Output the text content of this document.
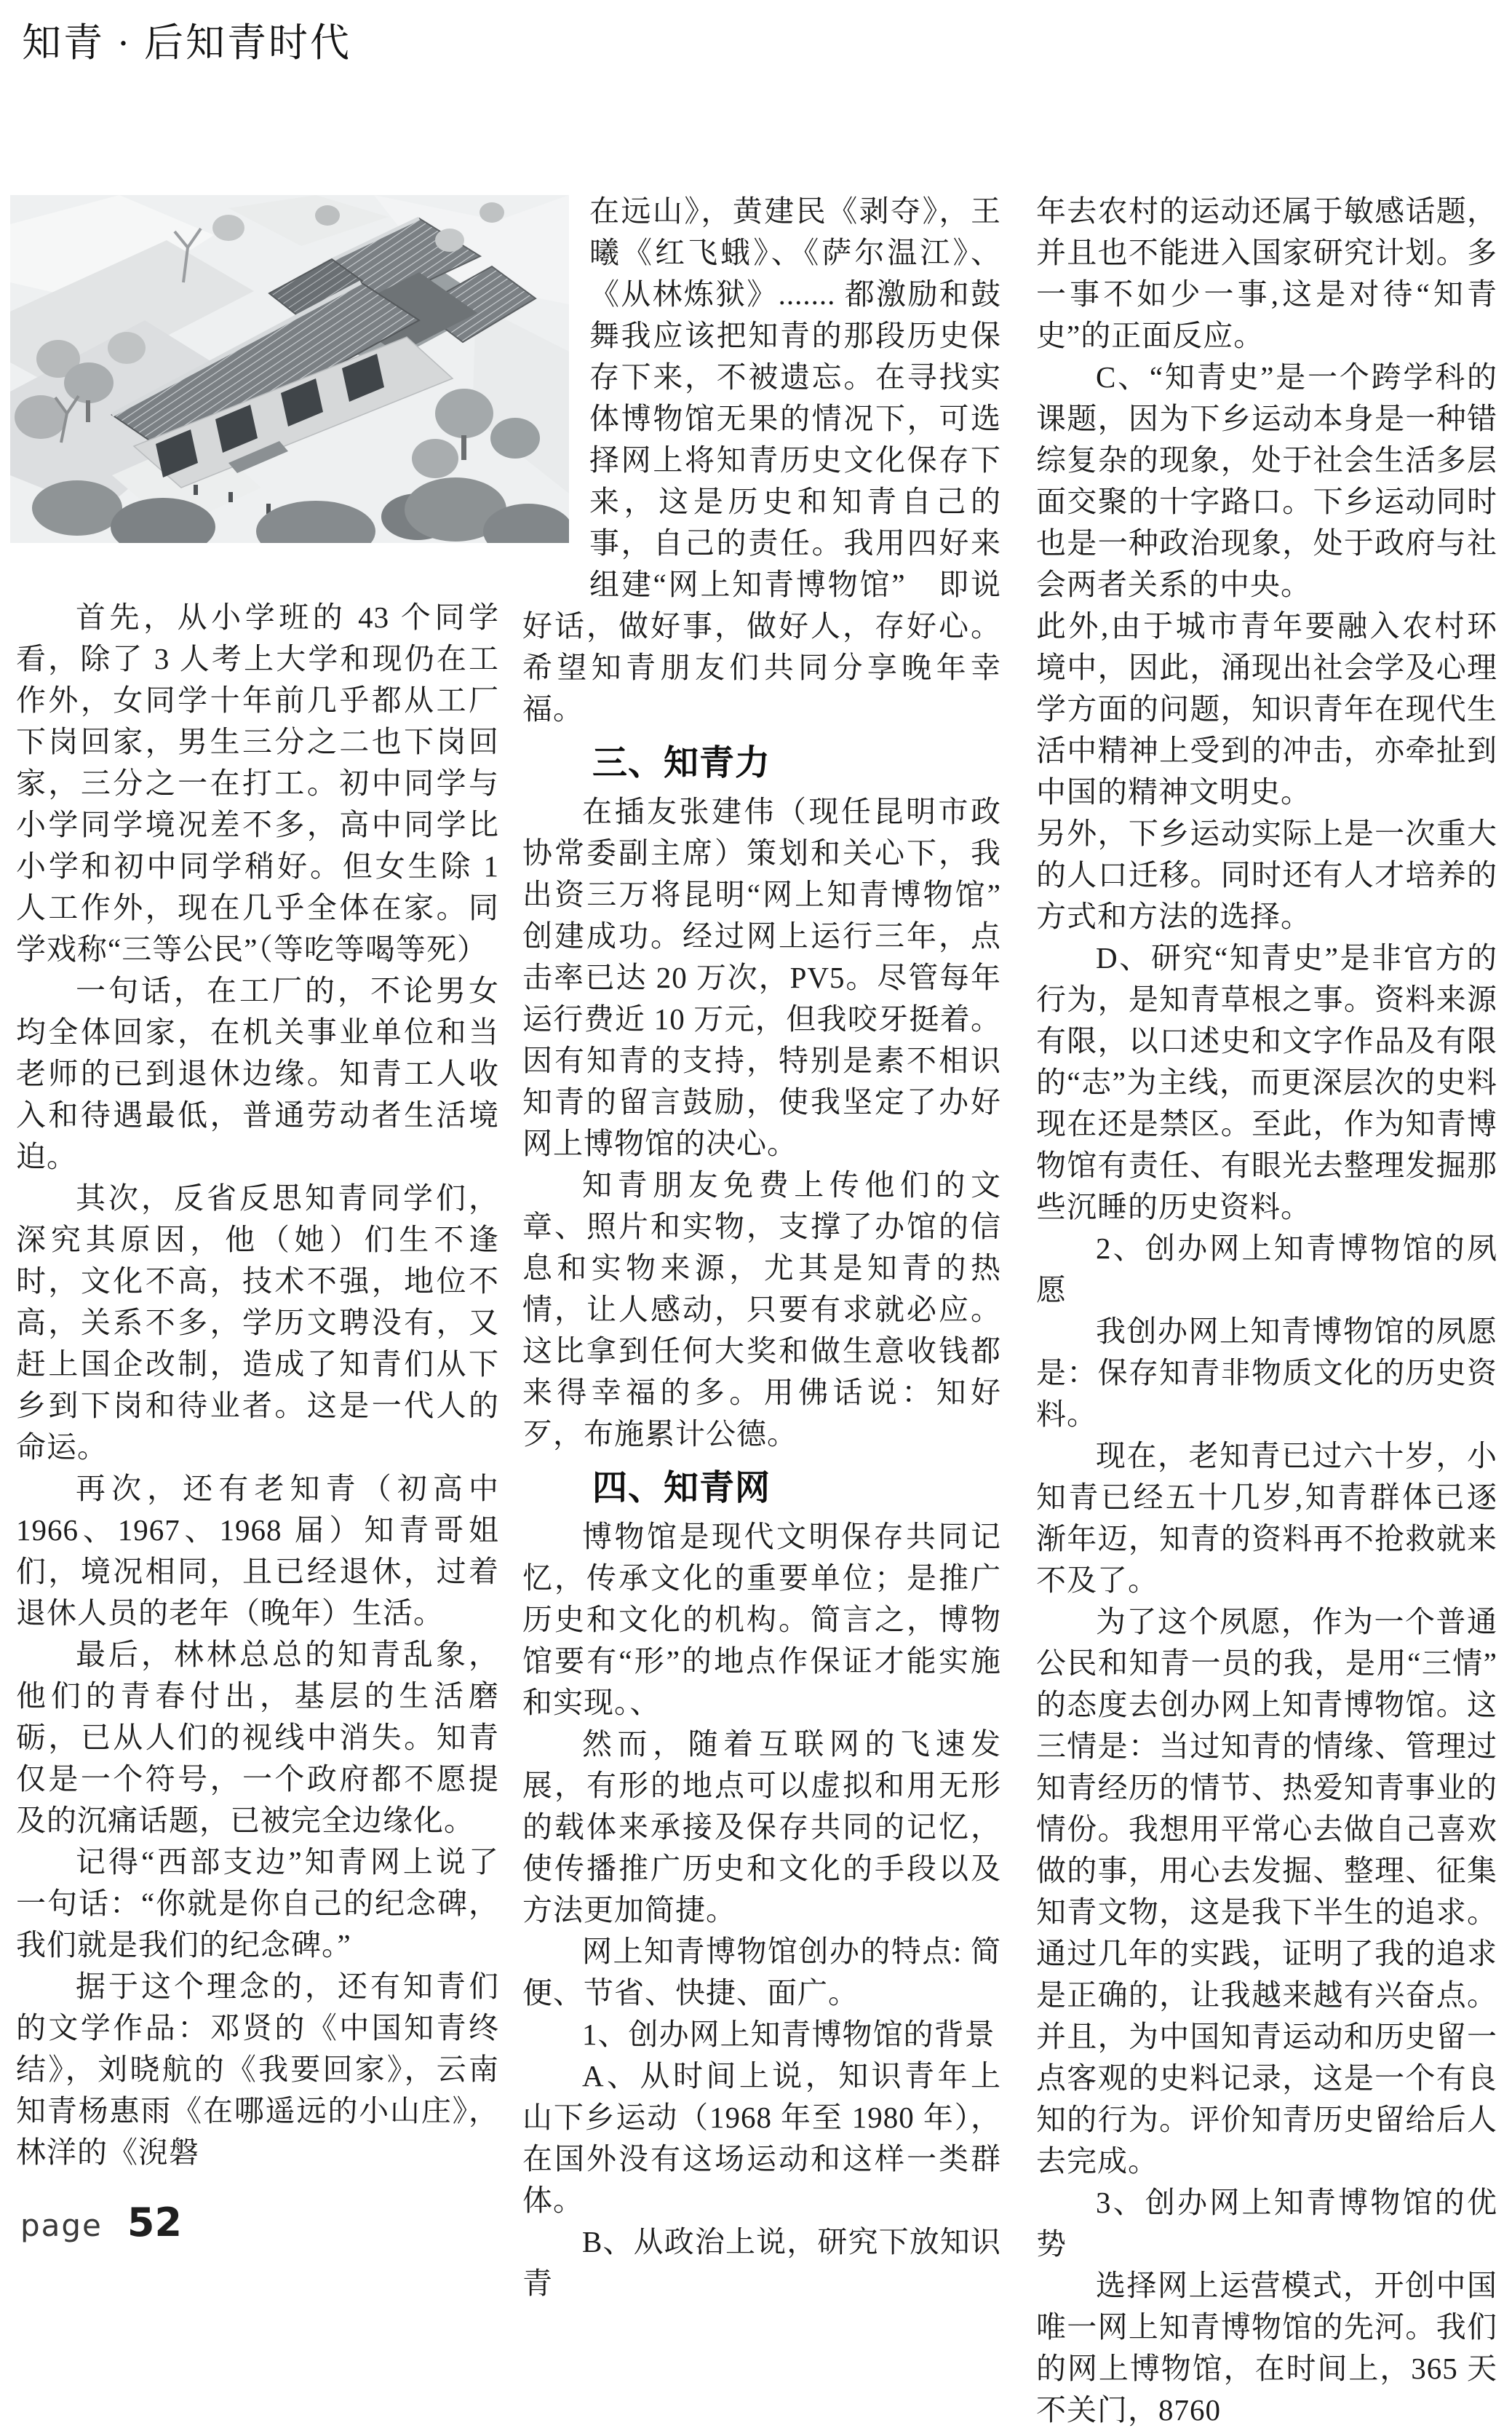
知青 · 后知青时代

首先，从小学班的 43 个同学看，除了 3 人考上大学和现仍在工作外，女同学十年前几乎都从工厂下岗回家，男生三分之二也下岗回家，三分之一在打工。初中同学与小学同学境况差不多，高中同学比小学和初中同学稍好。但女生除 1 人工作外，现在几乎全体在家。同学戏称“三等公民”（等吃等喝等死）

一句话，在工厂的，不论男女均全体回家，在机关事业单位和当老师的已到退休边缘。知青工人收入和待遇最低，普通劳动者生活境迫。

其次，反省反思知青同学们，深究其原因，他（她）们生不逢时，文化不高，技术不强，地位不高，关系不多，学历文聘没有，又赶上国企改制，造成了知青们从下乡到下岗和待业者。这是一代人的命运。

再次，还有老知青（初高中 1966、1967、1968 届）知青哥姐们，境况相同，且已经退休，过着退休人员的老年（晚年）生活。

最后，林林总总的知青乱象，他们的青春付出，基层的生活磨砺，已从人们的视线中消失。知青仅是一个符号，一个政府都不愿提及的沉痛话题，已被完全边缘化。

记得“西部支边”知青网上说了一句话：“你就是你自己的纪念碑，我们就是我们的纪念碑。”

据于这个理念的，还有知青们的文学作品：邓贤的《中国知青终结》，刘晓航的《我要回家》，云南知青杨惠雨《在哪遥远的小山庄》，林洋的《淣磐

在远山》，黄建民《剥夺》，王曦《红飞蛾》、《萨尔温江》、《从林炼狱》....... 都激励和鼓舞我应该把知青的那段历史保存下来，不被遗忘。在寻找实体博物馆无果的情况下，可选择网上将知青历史文化保存下来，这是历史和知青自己的事，自己的责任。我用四好来组建“网上知青博物馆”　即说好话，做好事，做好人，存好心。希望知青朋友们共同分享晚年幸福。

三、知青力

在插友张建伟（现任昆明市政协常委副主席）策划和关心下，我出资三万将昆明“网上知青博物馆”创建成功。经过网上运行三年，点击率已达 20 万次，PV5。尽管每年运行费近 10 万元，但我咬牙挺着。因有知青的支持，特别是素不相识知青的留言鼓励，使我坚定了办好网上博物馆的决心。

知青朋友免费上传他们的文章、照片和实物，支撑了办馆的信息和实物来源，尤其是知青的热情，让人感动，只要有求就必应。这比拿到任何大奖和做生意收钱都来得幸福的多。用佛话说：知好歹，布施累计公德。

四、知青网

博物馆是现代文明保存共同记忆，传承文化的重要单位；是推广历史和文化的机构。简言之，博物馆要有“形”的地点作保证才能实施和实现。、

然而，随着互联网的飞速发展，有形的地点可以虚拟和用无形的载体来承接及保存共同的记忆，使传播推广历史和文化的手段以及方法更加简捷。

网上知青博物馆创办的特点: 简便、节省、快捷、面广。

1、创办网上知青博物馆的背景

A、从时间上说，知识青年上山下乡运动（1968 年至 1980 年），在国外没有这场运动和这样一类群体。

B、从政治上说，研究下放知识青

年去农村的运动还属于敏感话题，并且也不能进入国家研究计划。多一事不如少一事,这是对待“知青史”的正面反应。

C、“知青史”是一个跨学科的课题，因为下乡运动本身是一种错综复杂的现象，处于社会生活多层面交聚的十字路口。下乡运动同时也是一种政治现象，处于政府与社会两者关系的中央。

此外,由于城市青年要融入农村环境中，因此，涌现出社会学及心理学方面的问题，知识青年在现代生活中精神上受到的冲击，亦牵扯到中国的精神文明史。

另外，下乡运动实际上是一次重大的人口迁移。同时还有人才培养的方式和方法的选择。

D、研究“知青史”是非官方的行为，是知青草根之事。资料来源有限，以口述史和文字作品及有限的“志”为主线，而更深层次的史料现在还是禁区。至此，作为知青博物馆有责任、有眼光去整理发掘那些沉睡的历史资料。

2、创办网上知青博物馆的夙愿

我创办网上知青博物馆的夙愿是：保存知青非物质文化的历史资料。

现在，老知青已过六十岁，小知青已经五十几岁,知青群体已逐渐年迈，知青的资料再不抢救就来不及了。

为了这个夙愿，作为一个普通公民和知青一员的我，是用“三情”的态度去创办网上知青博物馆。这三情是：当过知青的情缘、管理过知青经历的情节、热爱知青事业的情份。我想用平常心去做自己喜欢做的事，用心去发掘、整理、征集知青文物，这是我下半生的追求。通过几年的实践，证明了我的追求是正确的，让我越来越有兴奋点。并且，为中国知青运动和历史留一点客观的史料记录，这是一个有良知的行为。评价知青历史留给后人去完成。

3、创办网上知青博物馆的优势

选择网上运营模式，开创中国唯一网上知青博物馆的先河。我们的网上博物馆，在时间上，365 天不关门，8760

page 52
